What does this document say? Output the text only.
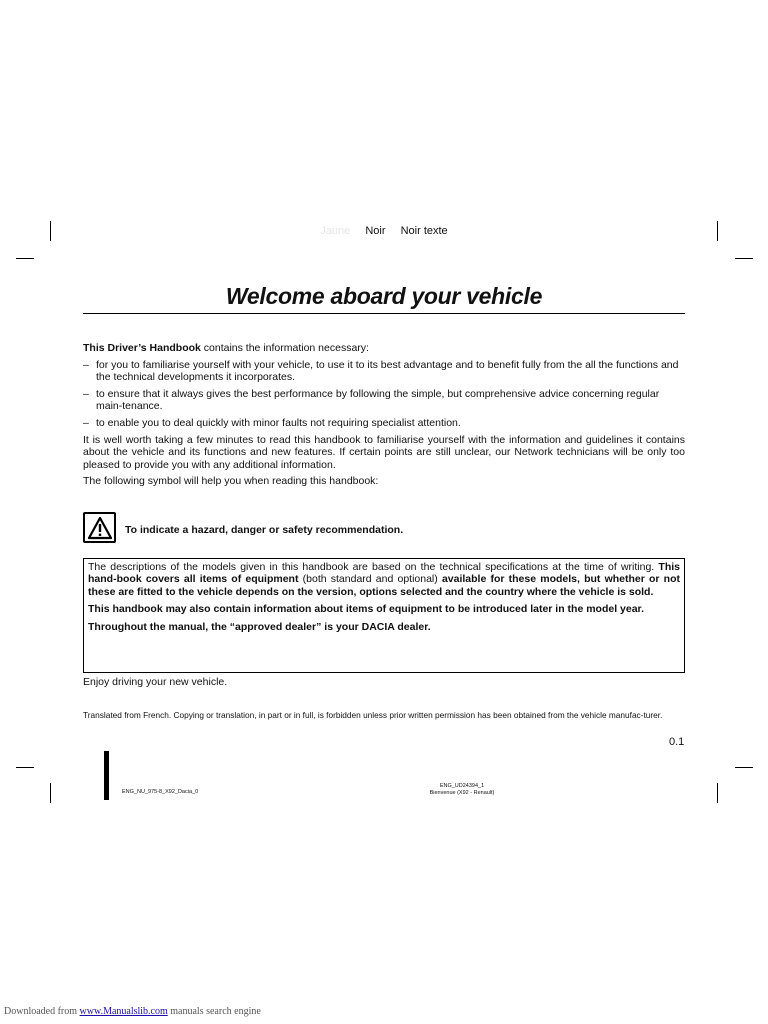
Jaune Noir Noir texte
Welcome aboard your vehicle

This Driver’s Handbook contains the information necessary:

– for you to familiarise yourself with your vehicle, to use it to its best advantage and to benefit fully from the all the functions and the technical developments it incorporates.
– to ensure that it always gives the best performance by following the simple, but comprehensive advice concerning regular main-tenance.
– to enable you to deal quickly with minor faults not requiring specialist attention.

It is well worth taking a few minutes to read this handbook to familiarise yourself with the information and guidelines it contains about the vehicle and its functions and new features. If certain points are still unclear, our Network technicians will be only too pleased to provide you with any additional information.

The following symbol will help you when reading this handbook:

To indicate a hazard, danger or safety recommendation.

The descriptions of the models given in this handbook are based on the technical specifications at the time of writing. This hand-book covers all items of equipment (both standard and optional) available for these models, but whether or not these are fitted to the vehicle depends on the version, options selected and the country where the vehicle is sold.

This handbook may also contain information about items of equipment to be introduced later in the model year.

Throughout the manual, the “approved dealer” is your DACIA dealer.

Enjoy driving your new vehicle.
Translated from French. Copying or translation, in part or in full, is forbidden unless prior written permission has been obtained from the vehicle manufac-turer.
0.1
ENG_NU_975-8_X92_Dacia_0
ENG_UD24394_1
Bienvenue (X92 - Renault)
Downloaded from www.Manualslib.com manuals search engine
